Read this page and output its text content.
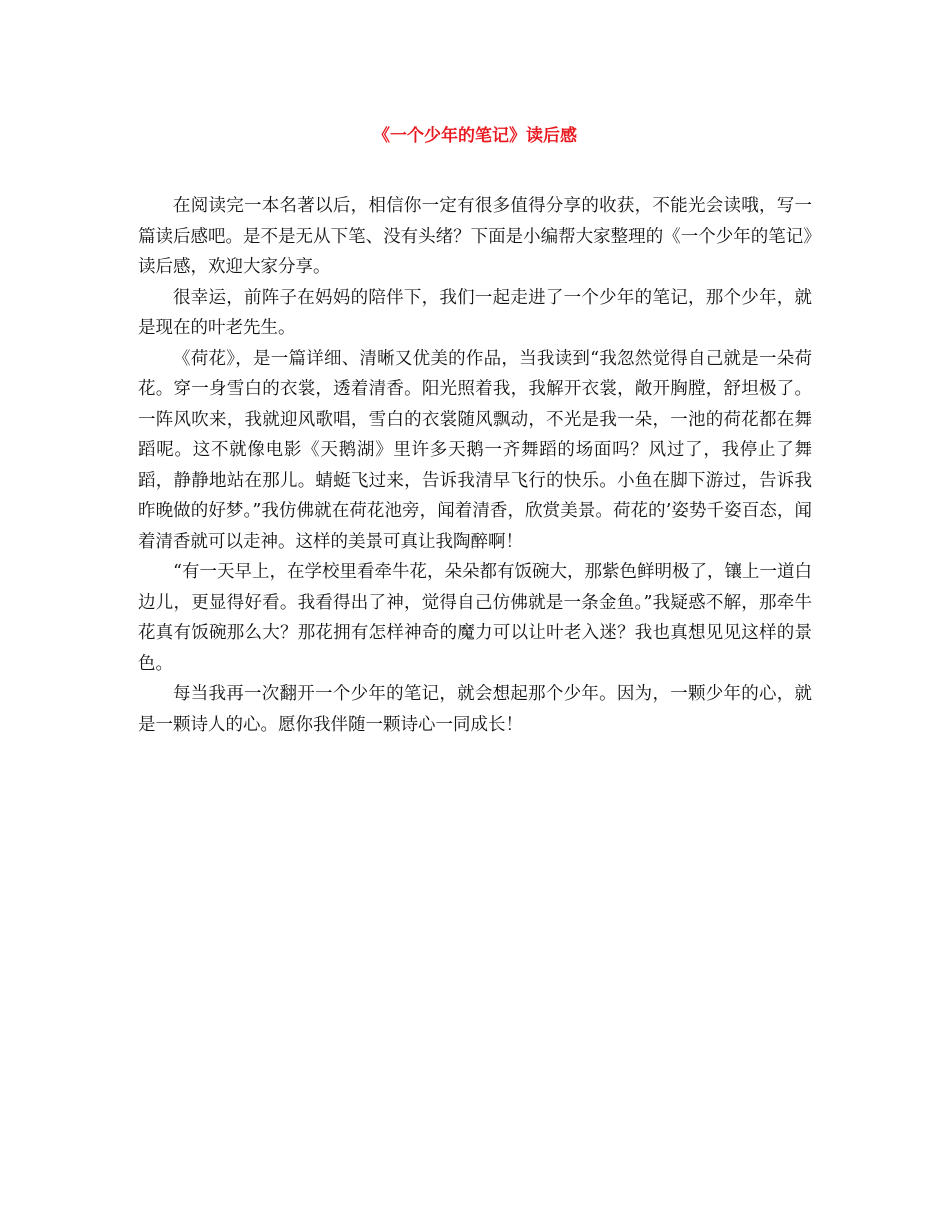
《一个少年的笔记》读后感

在阅读完一本名著以后，相信你一定有很多值得分享的收获，不能光会读哦，写一篇读后感吧。是不是无从下笔、没有头绪？下面是小编帮大家整理的《一个少年的笔记》读后感，欢迎大家分享。

很幸运，前阵子在妈妈的陪伴下，我们一起走进了一个少年的笔记，那个少年，就是现在的叶老先生。

《荷花》，是一篇详细、清晰又优美的作品，当我读到“我忽然觉得自己就是一朵荷花。穿一身雪白的衣裳，透着清香。阳光照着我，我解开衣裳，敞开胸膛，舒坦极了。一阵风吹来，我就迎风歌唱，雪白的衣裳随风飘动，不光是我一朵，一池的荷花都在舞蹈呢。这不就像电影《天鹅湖》里许多天鹅一齐舞蹈的场面吗？风过了，我停止了舞蹈，静静地站在那儿。蜻蜓飞过来，告诉我清早飞行的快乐。小鱼在脚下游过，告诉我昨晚做的好梦。”我仿佛就在荷花池旁，闻着清香，欣赏美景。荷花的’姿势千姿百态，闻着清香就可以走神。这样的美景可真让我陶醉啊！

“有一天早上，在学校里看牵牛花，朵朵都有饭碗大，那紫色鲜明极了，镶上一道白边儿，更显得好看。我看得出了神，觉得自己仿佛就是一条金鱼。”我疑惑不解，那牵牛花真有饭碗那么大？那花拥有怎样神奇的魔力可以让叶老入迷？我也真想见见这样的景色。

每当我再一次翻开一个少年的笔记，就会想起那个少年。因为，一颗少年的心，就是一颗诗人的心。愿你我伴随一颗诗心一同成长！
